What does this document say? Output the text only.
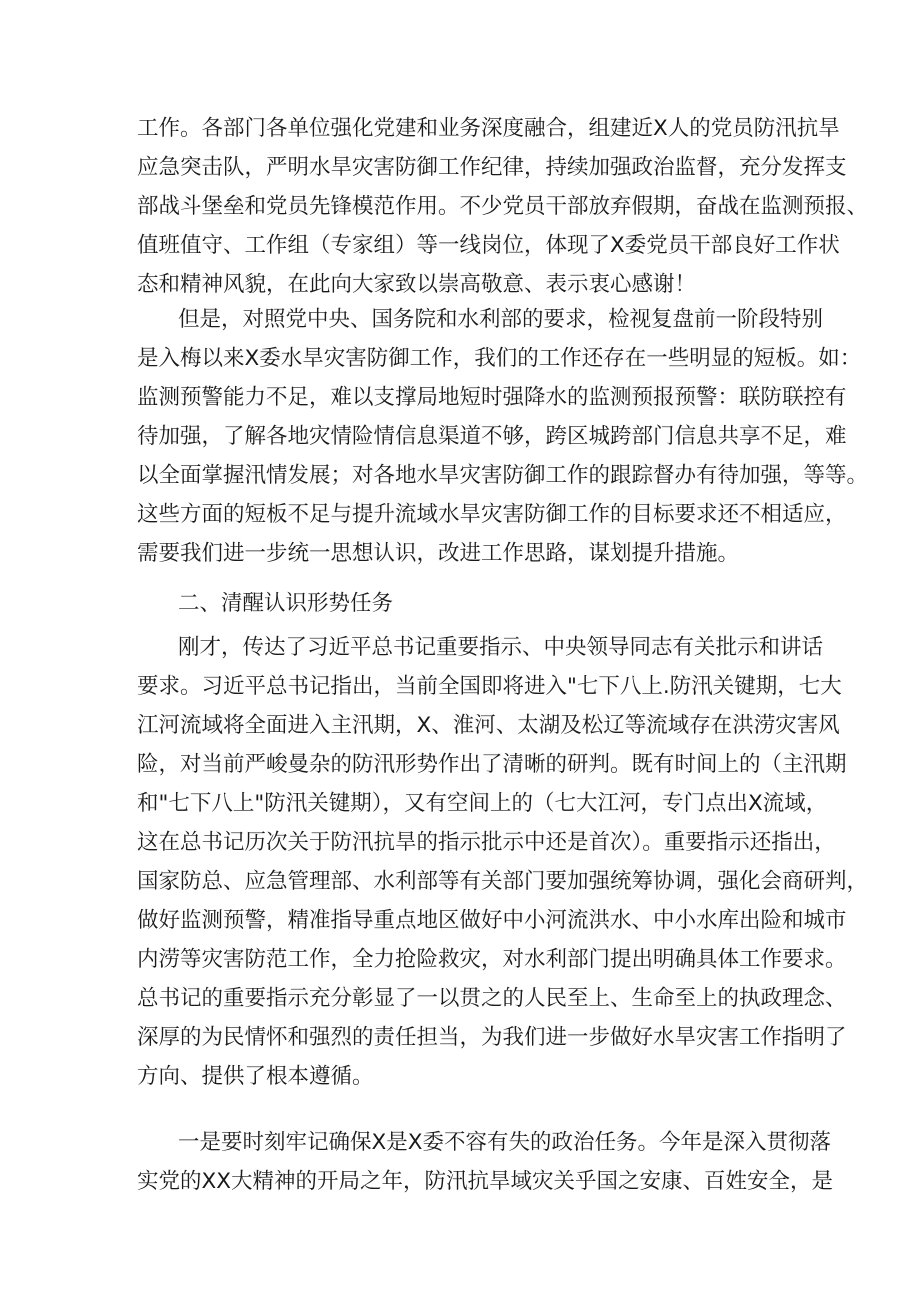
工作。各部门各单位强化党建和业务深度融合，组建近X人的党员防汛抗旱
应急突击队，严明水旱灾害防御工作纪律，持续加强政治监督，充分发挥支
部战斗堡垒和党员先锋模范作用。不少党员干部放弃假期，奋战在监测预报、
值班值守、工作组（专家组）等一线岗位，体现了X委党员干部良好工作状
态和精神风貌，在此向大家致以崇高敬意、表示衷心感谢！
但是，对照党中央、国务院和水利部的要求，检视复盘前一阶段特别
是入梅以来X委水旱灾害防御工作，我们的工作还存在一些明显的短板。如：
监测预警能力不足，难以支撑局地短时强降水的监测预报预警：联防联控有
待加强，了解各地灾情险情信息渠道不够，跨区城跨部门信息共享不足，难
以全面掌握汛情发展；对各地水旱灾害防御工作的跟踪督办有待加强，等等。
这些方面的短板不足与提升流域水旱灾害防御工作的目标要求还不相适应，
需要我们进一步统一思想认识，改进工作思路，谋划提升措施。
二、清醒认识形势任务
刚才，传达了习近平总书记重要指示、中央领导同志有关批示和讲话
要求。习近平总书记指出，当前全国即将进入"七下八上.防汛关键期，七大
江河流域将全面进入主汛期，X、淮河、太湖及松辽等流域存在洪涝灾害风
险，对当前严峻曼杂的防汛形势作出了清晰的研判。既有时间上的（主汛期
和"七下八上"防汛关键期），又有空间上的（七大江河，专门点出X流域，
这在总书记历次关于防汛抗旱的指示批示中还是首次）。重要指示还指出，
国家防总、应急管理部、水利部等有关部门要加强统筹协调，强化会商研判，
做好监测预警，精准指导重点地区做好中小河流洪水、中小水库出险和城市
内涝等灾害防范工作，全力抢险救灾，对水利部门提出明确具体工作要求。
总书记的重要指示充分彰显了一以贯之的人民至上、生命至上的执政理念、
深厚的为民情怀和强烈的责任担当，为我们进一步做好水旱灾害工作指明了
方向、提供了根本遵循。
一是要时刻牢记确保X是X委不容有失的政治任务。今年是深入贯彻落
实党的XX大精神的开局之年，防汛抗旱域灾关乎国之安康、百姓安全，是
